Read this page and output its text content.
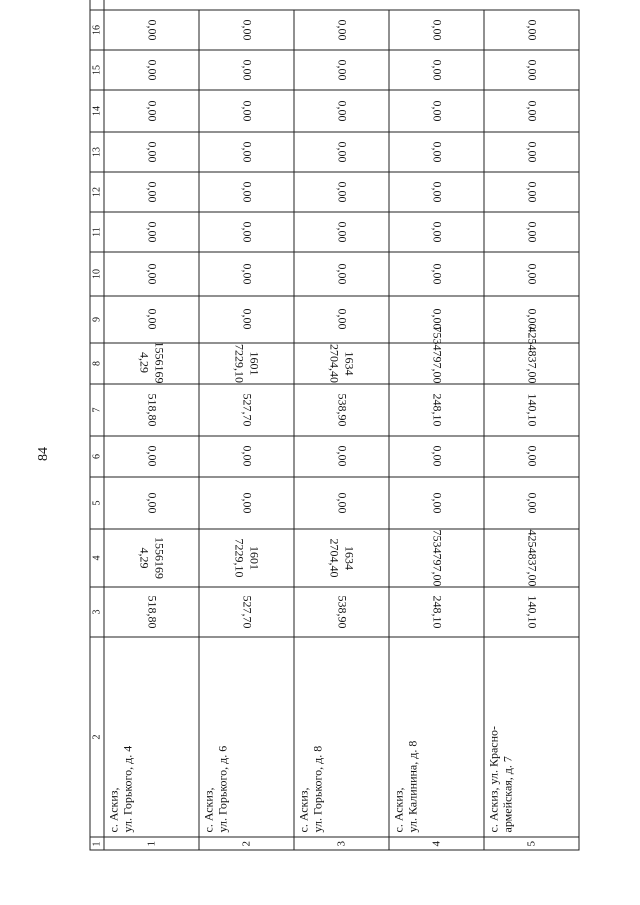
84
1	2	3	4	5	6	7	8	9	10	11	12	13	14	15	16	
1	с. Аскиз,
ул. Горького, д. 4	518,80	1556169 4,29	0,00	0,00	518,80	1556169 4,29	0,00	0,00	0,00	0,00	0,00	0,00	0,00	0,00	
2	с. Аскиз,
ул. Горького, д. 6	527,70	1601 7229,10	0,00	0,00	527,70	1601 7229,10	0,00	0,00	0,00	0,00	0,00	0,00	0,00	0,00	
3	с. Аскиз,
ул. Горького, д. 8	538,90	1634 2704,40	0,00	0,00	538,90	1634 2704,40	0,00	0,00	0,00	0,00	0,00	0,00	0,00	0,00	
4	с. Аскиз,
ул. Калинина, д. 8	248,10	7534797,00	0,00	0,00	248,10	7534797,00	0,00	0,00	0,00	0,00	0,00	0,00	0,00	0,00	
5	с. Аскиз, ул. Красно-
армейская, д. 7	140,10	4254837,00	0,00	0,00	140,10	4254837,00	0,00	0,00	0,00	0,00	0,00	0,00	0,00	0,00	
